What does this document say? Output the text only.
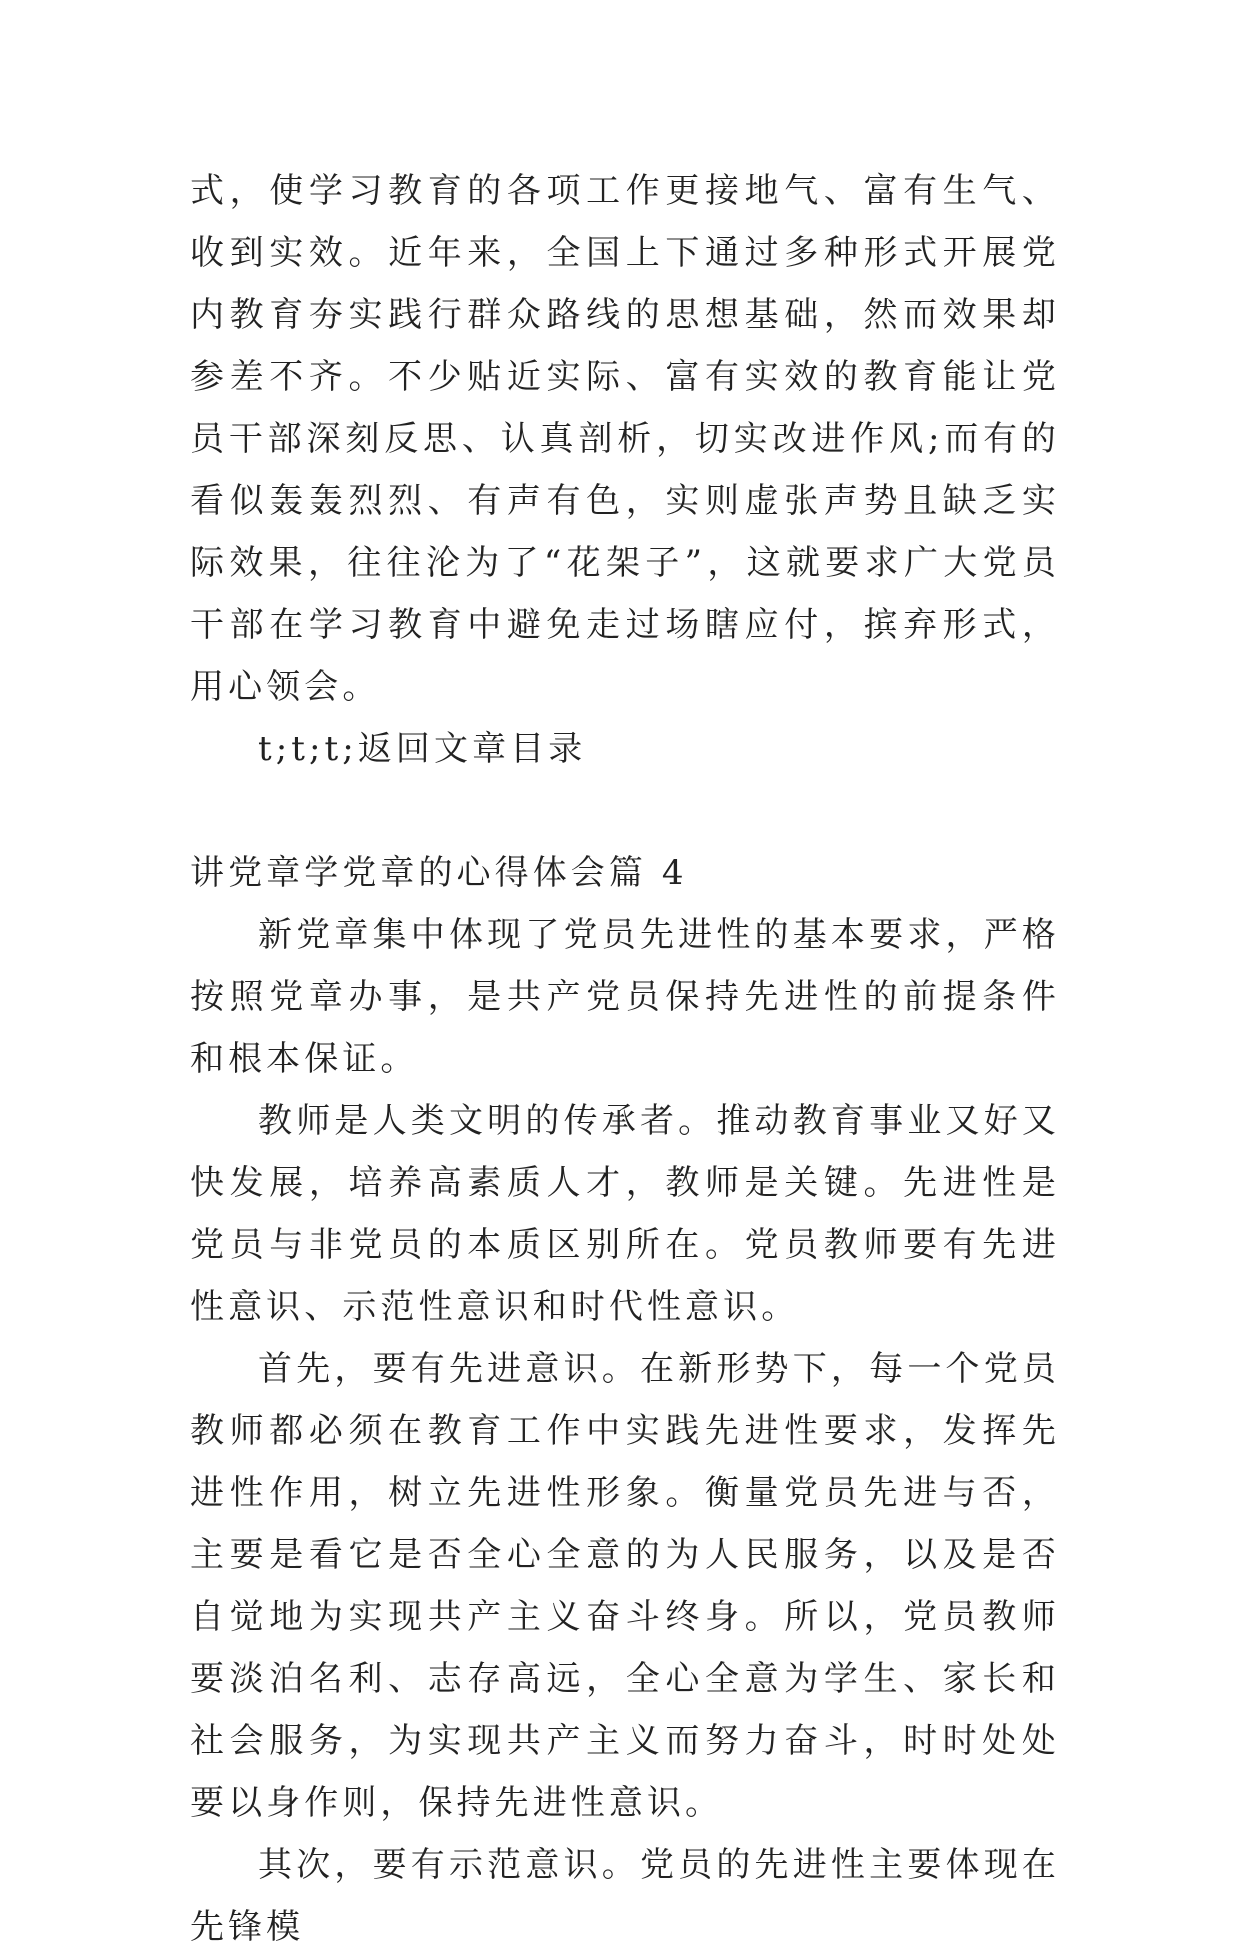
式，使学习教育的各项工作更接地气、富有生气、收到实效。近年来，全国上下通过多种形式开展党内教育夯实践行群众路线的思想基础，然而效果却参差不齐。不少贴近实际、富有实效的教育能让党员干部深刻反思、认真剖析，切实改进作风;而有的看似轰轰烈烈、有声有色，实则虚张声势且缺乏实际效果，往往沦为了“花架子”，这就要求广大党员干部在学习教育中避免走过场瞎应付，摈弃形式，用心领会。

t;t;t;返回文章目录

讲党章学党章的心得体会篇 4

新党章集中体现了党员先进性的基本要求，严格按照党章办事，是共产党员保持先进性的前提条件和根本保证。

教师是人类文明的传承者。推动教育事业又好又快发展，培养高素质人才，教师是关键。先进性是党员与非党员的本质区别所在。党员教师要有先进性意识、示范性意识和时代性意识。

首先，要有先进意识。在新形势下，每一个党员教师都必须在教育工作中实践先进性要求，发挥先进性作用，树立先进性形象。衡量党员先进与否，主要是看它是否全心全意的为人民服务，以及是否自觉地为实现共产主义奋斗终身。所以，党员教师要淡泊名利、志存高远，全心全意为学生、家长和社会服务，为实现共产主义而努力奋斗，时时处处要以身作则，保持先进性意识。

其次，要有示范意识。党员的先进性主要体现在先锋模
